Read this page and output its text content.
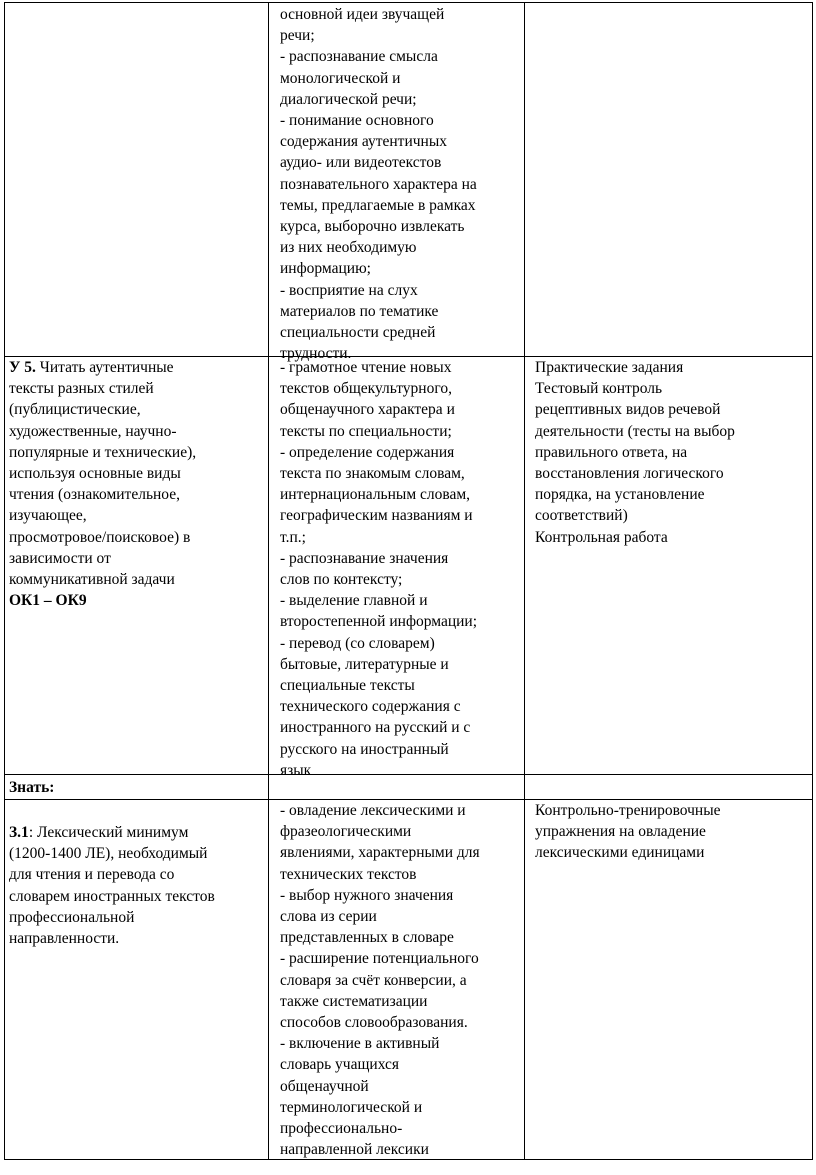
основной идеи звучащей

речи;

- распознавание смысла

монологической и

диалогической речи;

- понимание основного

содержания аутентичных

аудио- или видеотекстов

познавательного характера на

темы, предлагаемые в рамках

курса, выборочно извлекать

из них необходимую

информацию;

- восприятие на слух

материалов по тематике

специальности средней

трудности.

У 5. Читать аутентичные

тексты разных стилей

(публицистические,

художественные, научно-

популярные и технические),

используя основные виды

чтения (ознакомительное,

изучающее,

просмотровое/поисковое) в

зависимости от

коммуникативной задачи

ОК1 – ОК9

- грамотное чтение новых

текстов общекультурного,

общенаучного характера и

тексты по специальности;

- определение содержания

текста по знакомым словам,

интернациональным словам,

географическим названиям и

т.п.;

- распознавание значения

слов по контексту;

- выделение главной и

второстепенной информации;

- перевод (со словарем)

бытовые, литературные и

специальные тексты

технического содержания с

иностранного на русский и с

русского на иностранный

язык

Практические задания

Тестовый контроль

рецептивных видов речевой

деятельности (тесты на выбор

правильного ответа, на

восстановления логического

порядка, на установление

соответствий)

Контрольная работа

Знать:

З.1: Лексический минимум

(1200-1400 ЛЕ), необходимый

для чтения и перевода со

словарем иностранных текстов

профессиональной

направленности.

- овладение лексическими и

фразеологическими

явлениями, характерными для

технических текстов

- выбор нужного значения

слова из серии

представленных в словаре

- расширение потенциального

словаря за счёт конверсии, а

также систематизации

способов словообразования.

- включение в активный

словарь учащихся

общенаучной

терминологической и

профессионально-

направленной лексики

Контрольно-тренировочные

упражнения на овладение

лексическими единицами
